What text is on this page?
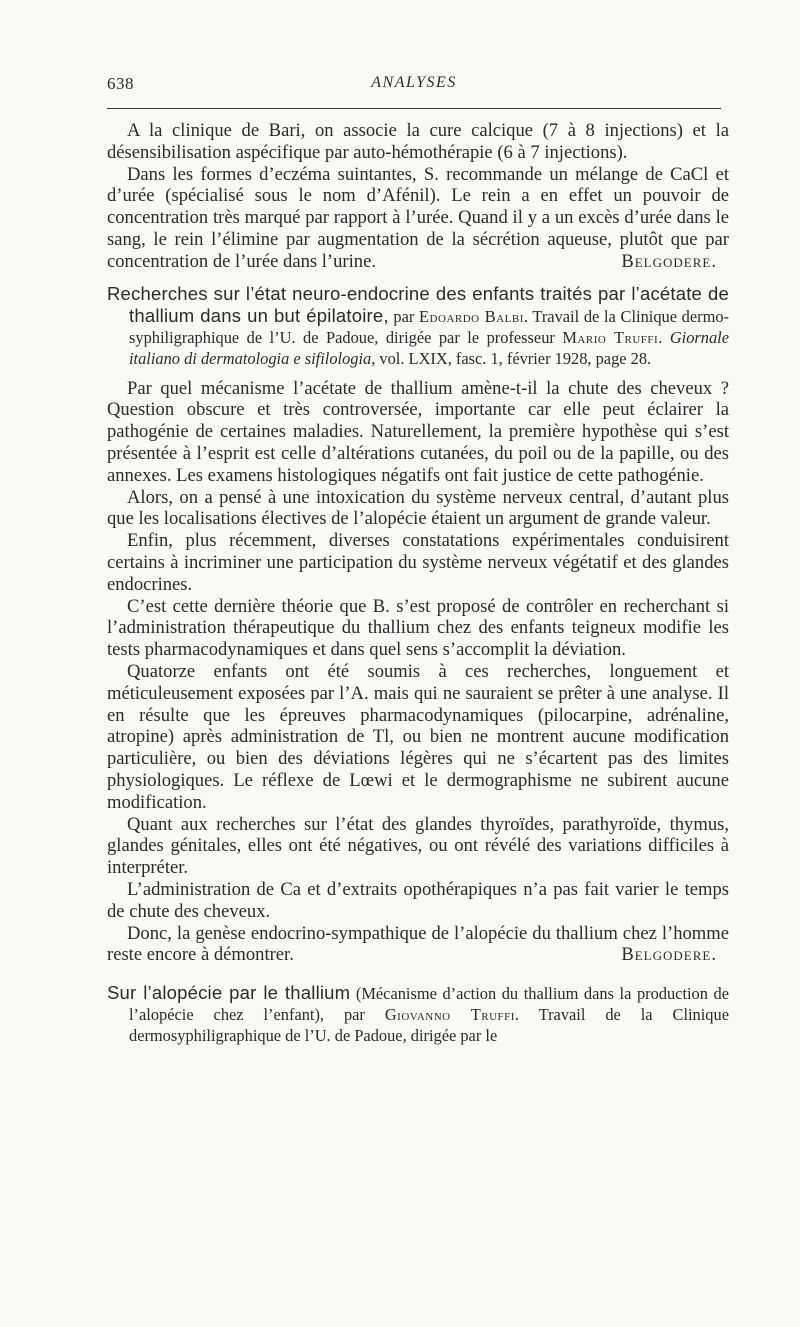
638	ANALYSES

A la clinique de Bari, on associe la cure calcique (7 à 8 injections) et la désensibilisation aspécifique par auto-hémothérapie (6 à 7 injections).

Dans les formes d’eczéma suintantes, S. recommande un mélange de CaCl et d’urée (spécialisé sous le nom d’Afénil). Le rein a en effet un pouvoir de concentration très marqué par rapport à l’urée. Quand il y a un excès d’urée dans le sang, le rein l’élimine par augmentation de la sécrétion aqueuse, plutôt que par concentration de l’urée dans l’urine.	Belgodere.

Recherches sur l’état neuro-endocrine des enfants traités par l’acétate de thallium dans un but épilatoire, par Edoardo Balbi. Travail de la Clinique dermo-syphiligraphique de l’U. de Padoue, dirigée par le professeur Mario Truffi. Giornale italiano di dermatologia e sifilologia, vol. LXIX, fasc. 1, février 1928, page 28.

Par quel mécanisme l’acétate de thallium amène-t-il la chute des cheveux ? Question obscure et très controversée, importante car elle peut éclairer la pathogénie de certaines maladies. Naturellement, la première hypothèse qui s’est présentée à l’esprit est celle d’altérations cutanées, du poil ou de la papille, ou des annexes. Les examens histologiques négatifs ont fait justice de cette pathogénie.

Alors, on a pensé à une intoxication du système nerveux central, d’autant plus que les localisations électives de l’alopécie étaient un argument de grande valeur.

Enfin, plus récemment, diverses constatations expérimentales conduisirent certains à incriminer une participation du système nerveux végétatif et des glandes endocrines.

C’est cette dernière théorie que B. s’est proposé de contrôler en recherchant si l’administration thérapeutique du thallium chez des enfants teigneux modifie les tests pharmacodynamiques et dans quel sens s’accomplit la déviation.

Quatorze enfants ont été soumis à ces recherches, longuement et méticuleusement exposées par l’A. mais qui ne sauraient se prêter à une analyse. Il en résulte que les épreuves pharmacodynamiques (pilocarpine, adrénaline, atropine) après administration de Tl, ou bien ne montrent aucune modification particulière, ou bien des déviations légères qui ne s’écartent pas des limites physiologiques. Le réflexe de Lœwi et le dermographisme ne subirent aucune modification.

Quant aux recherches sur l’état des glandes thyroïdes, parathyroïde, thymus, glandes génitales, elles ont été négatives, ou ont révélé des variations difficiles à interpréter.

L’administration de Ca et d’extraits opothérapiques n’a pas fait varier le temps de chute des cheveux.

Donc, la genèse endocrino-sympathique de l’alopécie du thallium chez l’homme reste encore à démontrer.	Belgodere.

Sur l’alopécie par le thallium (Mécanisme d’action du thallium dans la production de l’alopécie chez l’enfant), par Giovanno Truffi. Travail de la Clinique dermosyphiligraphique de l’U. de Padoue, dirigée par le
